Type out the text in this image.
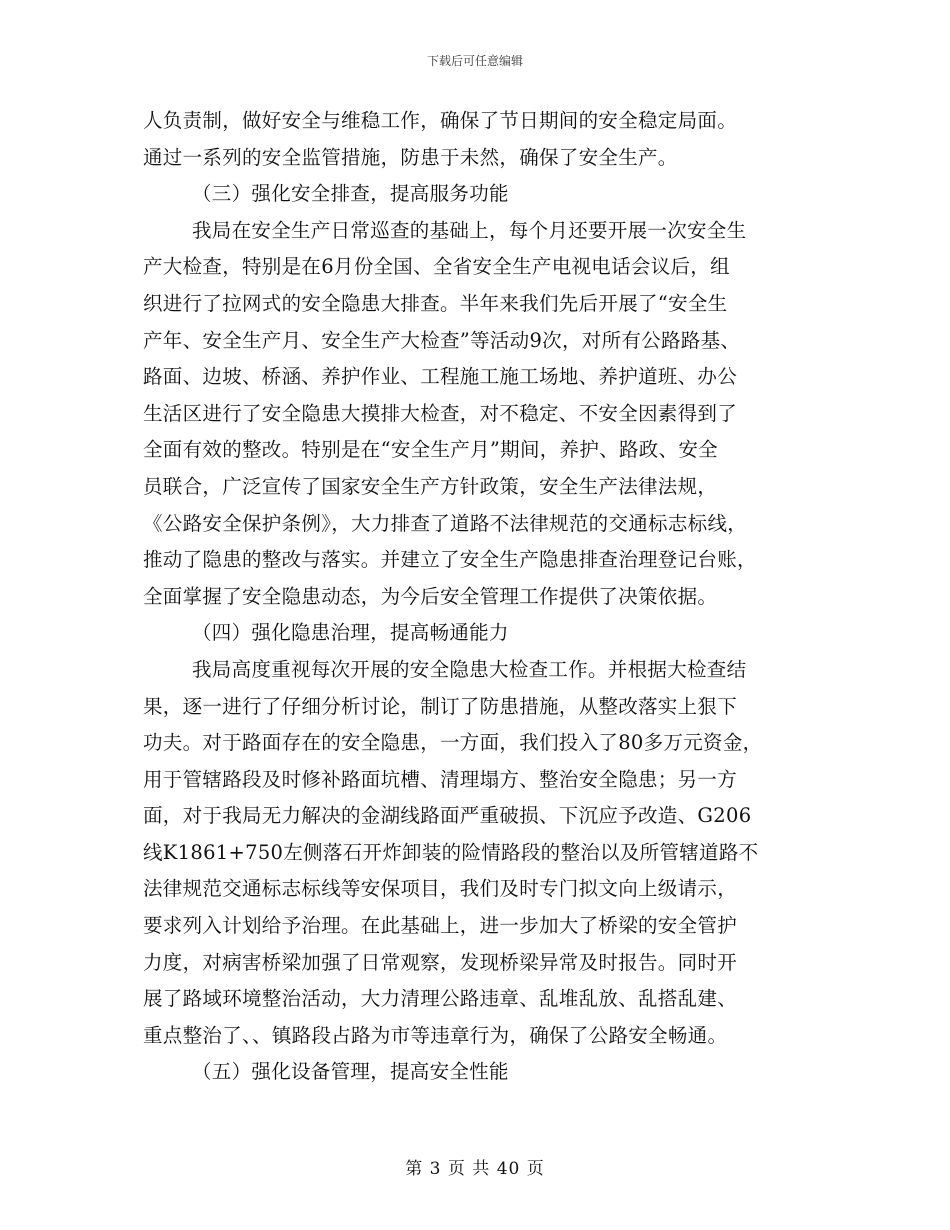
下载后可任意编辑
人负责制，做好安全与维稳工作，确保了节日期间的安全稳定局面。
通过一系列的安全监管措施，防患于未然，确保了安全生产。
（三）强化安全排查，提高服务功能
我局在安全生产日常巡查的基础上，每个月还要开展一次安全生
产大检查，特别是在6月份全国、全省安全生产电视电话会议后，组
织进行了拉网式的安全隐患大排查。半年来我们先后开展了“安全生
产年、安全生产月、安全生产大检查”等活动9次，对所有公路路基、
路面、边坡、桥涵、养护作业、工程施工施工场地、养护道班、办公
生活区进行了安全隐患大摸排大检查，对不稳定、不安全因素得到了
全面有效的整改。特别是在“安全生产月”期间，养护、路政、安全
员联合，广泛宣传了国家安全生产方针政策，安全生产法律法规，
《公路安全保护条例》，大力排查了道路不法律规范的交通标志标线，
推动了隐患的整改与落实。并建立了安全生产隐患排查治理登记台账，
全面掌握了安全隐患动态，为今后安全管理工作提供了决策依据。
（四）强化隐患治理，提高畅通能力
我局高度重视每次开展的安全隐患大检查工作。并根据大检查结
果，逐一进行了仔细分析讨论，制订了防患措施，从整改落实上狠下
功夫。对于路面存在的安全隐患，一方面，我们投入了80多万元资金，
用于管辖路段及时修补路面坑槽、清理塌方、整治安全隐患；另一方
面，对于我局无力解决的金湖线路面严重破损、下沉应予改造、G206
线K1861+750左侧落石开炸卸装的险情路段的整治以及所管辖道路不
法律规范交通标志标线等安保项目，我们及时专门拟文向上级请示，
要求列入计划给予治理。在此基础上，进一步加大了桥梁的安全管护
力度，对病害桥梁加强了日常观察，发现桥梁异常及时报告。同时开
展了路域环境整治活动，大力清理公路违章、乱堆乱放、乱搭乱建、
重点整治了、、镇路段占路为市等违章行为，确保了公路安全畅通。
（五）强化设备管理，提高安全性能
第 3 页 共 40 页
